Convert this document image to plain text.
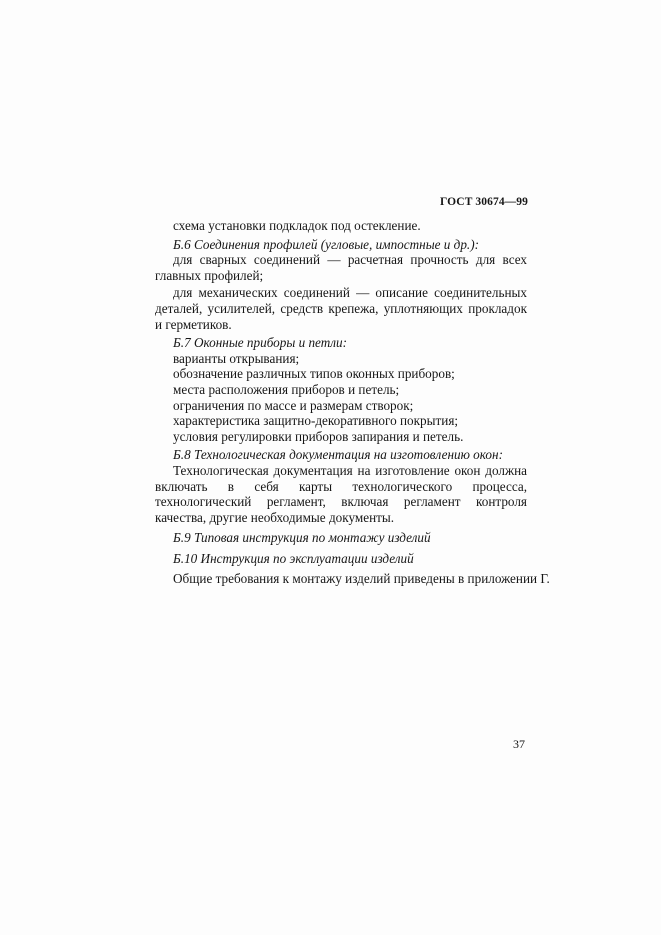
ГОСТ 30674—99

схема установки подкладок под остекление.

Б.6 Соединения профилей (угловые, импостные и др.):

для сварных соединений — расчетная прочность для всех главных профилей;

для механических соединений — описание соединительных деталей, усилителей, средств крепежа, уплотняющих прокладок и герметиков.

Б.7 Оконные приборы и петли:

варианты открывания;

обозначение различных типов оконных приборов;

места расположения приборов и петель;

ограничения по массе и размерам створок;

характеристика защитно-декоративного покрытия;

условия регулировки приборов запирания и петель.

Б.8 Технологическая документация на изготовлению окон:

Технологическая документация на изготовление окон должна включать в себя карты технологического процесса, технологический регламент, включая регламент контроля качества, другие необходимые документы.

Б.9 Типовая инструкция по монтажу изделий

Б.10 Инструкция по эксплуатации изделий

Общие требования к монтажу изделий приведены в приложении Г.

37
